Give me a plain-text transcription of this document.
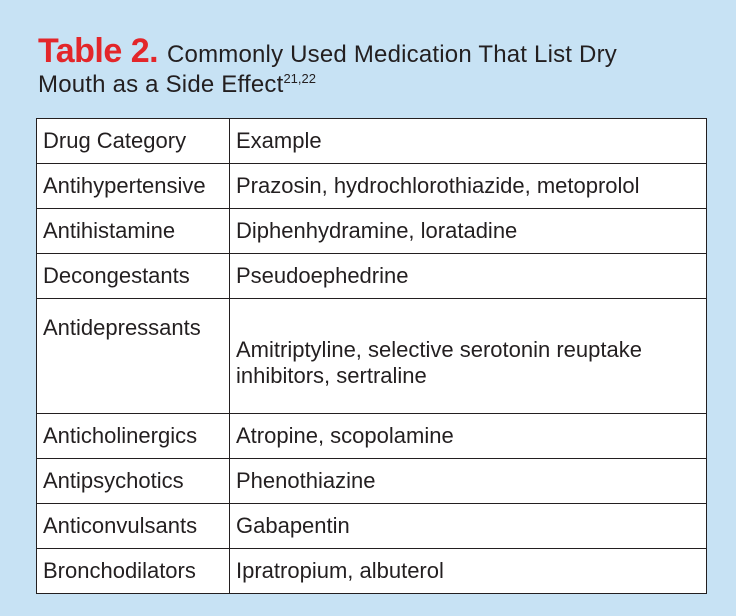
Table 2. Commonly Used Medication That List Dry
Mouth as a Side Effect$^{21,22}$
Drug Category	Example
Antihypertensive	Prazosin, hydrochlorothiazide, metoprolol
Antihistamine	Diphenhydramine, loratadine
Decongestants	Pseudoephedrine
Antidepressants	Amitriptyline, selective serotonin reuptake inhibitors, sertraline
Anticholinergics	Atropine, scopolamine
Antipsychotics	Phenothiazine
Anticonvulsants	Gabapentin
Bronchodilators	Ipratropium, albuterol
